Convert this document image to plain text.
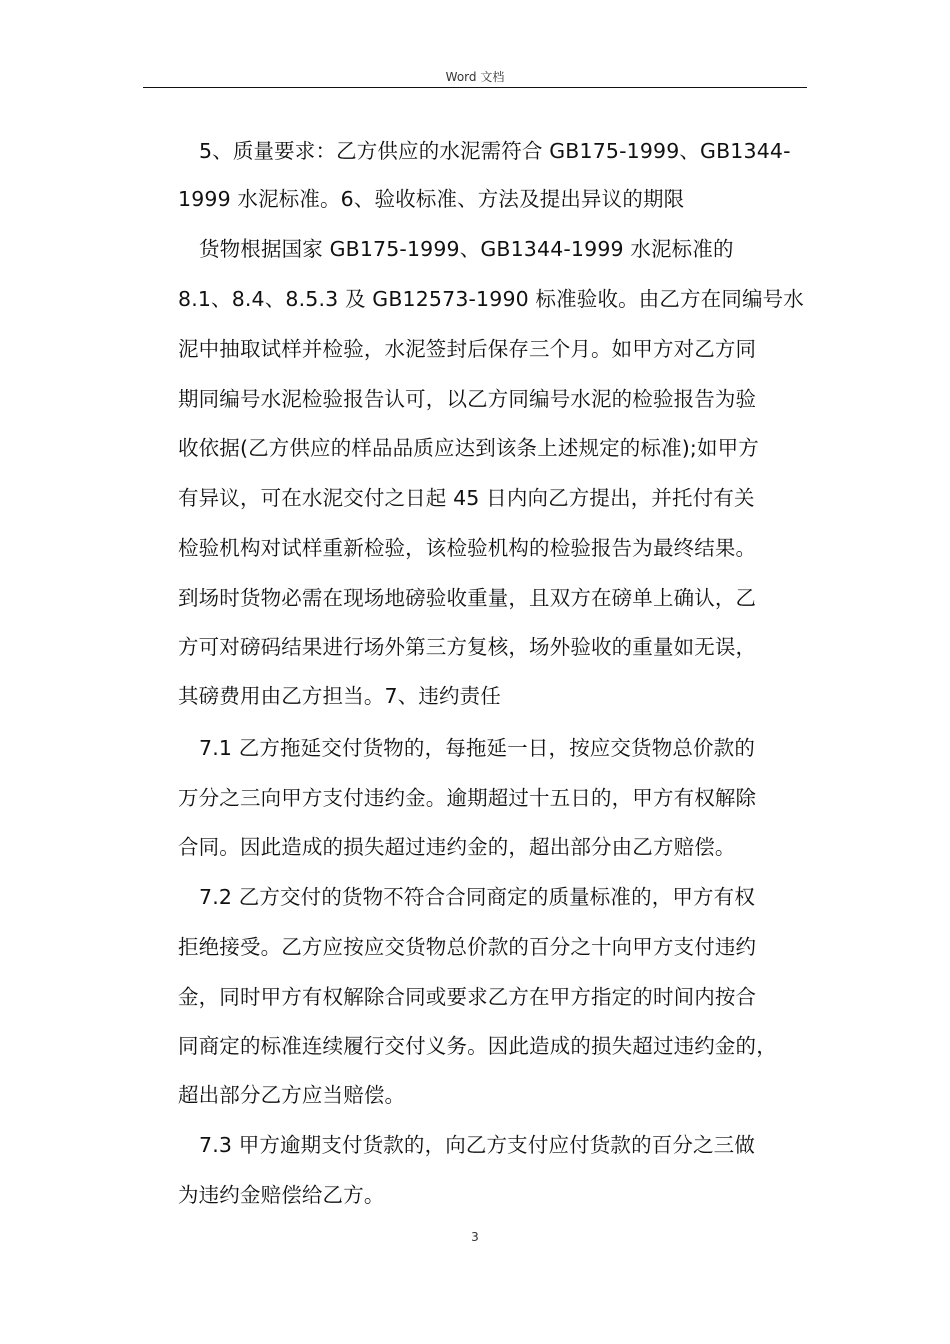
Word 文档
5、质量要求：乙方供应的水泥需符合 GB175-1999、GB1344-
1999 水泥标准。6、验收标准、方法及提出异议的期限
货物根据国家 GB175-1999、GB1344-1999 水泥标准的
8.1、8.4、8.5.3 及 GB12573-1990 标准验收。由乙方在同编号水
泥中抽取试样并检验，水泥签封后保存三个月。如甲方对乙方同
期同编号水泥检验报告认可，以乙方同编号水泥的检验报告为验
收依据(乙方供应的样品品质应达到该条上述规定的标准);如甲方
有异议，可在水泥交付之日起 45 日内向乙方提出，并托付有关
检验机构对试样重新检验，该检验机构的检验报告为最终结果。
到场时货物必需在现场地磅验收重量，且双方在磅单上确认，乙
方可对磅码结果进行场外第三方复核，场外验收的重量如无误，
其磅费用由乙方担当。7、违约责任
7.1 乙方拖延交付货物的，每拖延一日，按应交货物总价款的
万分之三向甲方支付违约金。逾期超过十五日的，甲方有权解除
合同。因此造成的损失超过违约金的，超出部分由乙方赔偿。
7.2 乙方交付的货物不符合合同商定的质量标准的，甲方有权
拒绝接受。乙方应按应交货物总价款的百分之十向甲方支付违约
金，同时甲方有权解除合同或要求乙方在甲方指定的时间内按合
同商定的标准连续履行交付义务。因此造成的损失超过违约金的，
超出部分乙方应当赔偿。
7.3 甲方逾期支付货款的，向乙方支付应付货款的百分之三做
为违约金赔偿给乙方。
3
